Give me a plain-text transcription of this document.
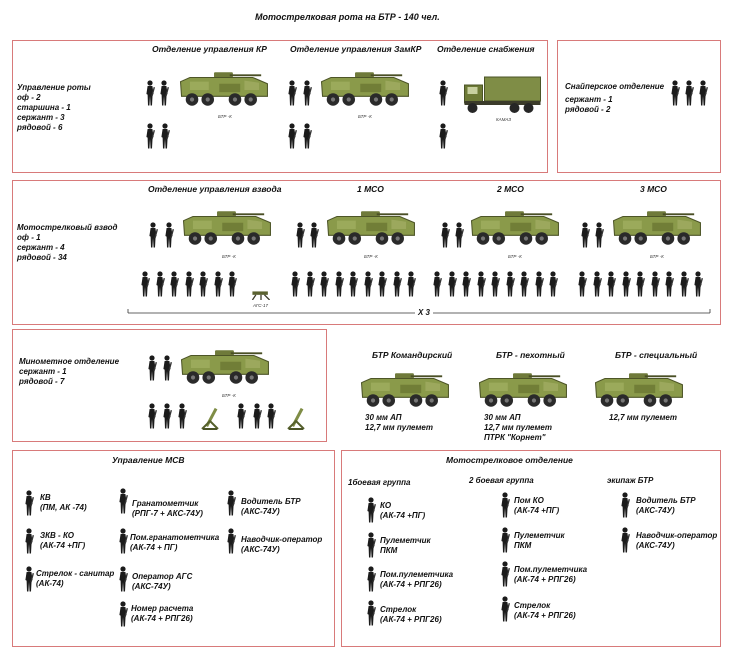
Мотострелковая рота на БТР - 140 чел.
Отделение управления КР	Отделение управления ЗамКР Отделение снабжения
Управление роты
оф - 2
старшина - 1
сержант - 3
рядовой - 6
БТР -К	БТР -К
КАМАЗ
Снайперское отделение
сержант - 1
рядовой - 2
Отделение управления взвода	1 МСО	2 МСО	3 МСО
Мотострелковый взвод
оф - 1
сержант - 4
рядовой - 34	БТР -К	БТР -К	БТР -К	БТР -К
АГС-17
Х 3
Минометное отделение
сержант - 1
рядовой - 7
БТР -К
БТР Командирский	БТР - пехотный	БТР - специальный
30 мм АП
12,7 мм пулемет
30 мм АП
12,7 мм пулемет
ПТРК "Корнет"
12,7 мм пулемет
Управление МСВ
КВ
(ПМ, АК -74)
ЗКВ - КО
(АК-74 +ПГ)
Стрелок - санитар
(АК-74)
Гранатометчик
(РПГ-7 + АКС-74У)
Пом.гранатометчика
(АК-74 + ПГ)
Оператор АГС
(АКС-74У)
Номер расчета
(АК-74 + РПГ26)
Водитель БТР
(АКС-74У)
Наводчик-оператор
(АКС-74У)
Мотострелковое отделение
1боевая группа	2 боевая группа	экипаж БТР
КО
(АК-74 +ПГ)
Пулеметчик
ПКМ
Пом.пулеметчика
(АК-74 + РПГ26)
Стрелок
(АК-74 + РПГ26)
Пом КО
(АК-74 +ПГ)
Пулеметчик
ПКМ
Пом.пулеметчика
(АК-74 + РПГ26)
Стрелок
(АК-74 + РПГ26)
Водитель БТР
(АКС-74У)
Наводчик-оператор
(АКС-74У)
